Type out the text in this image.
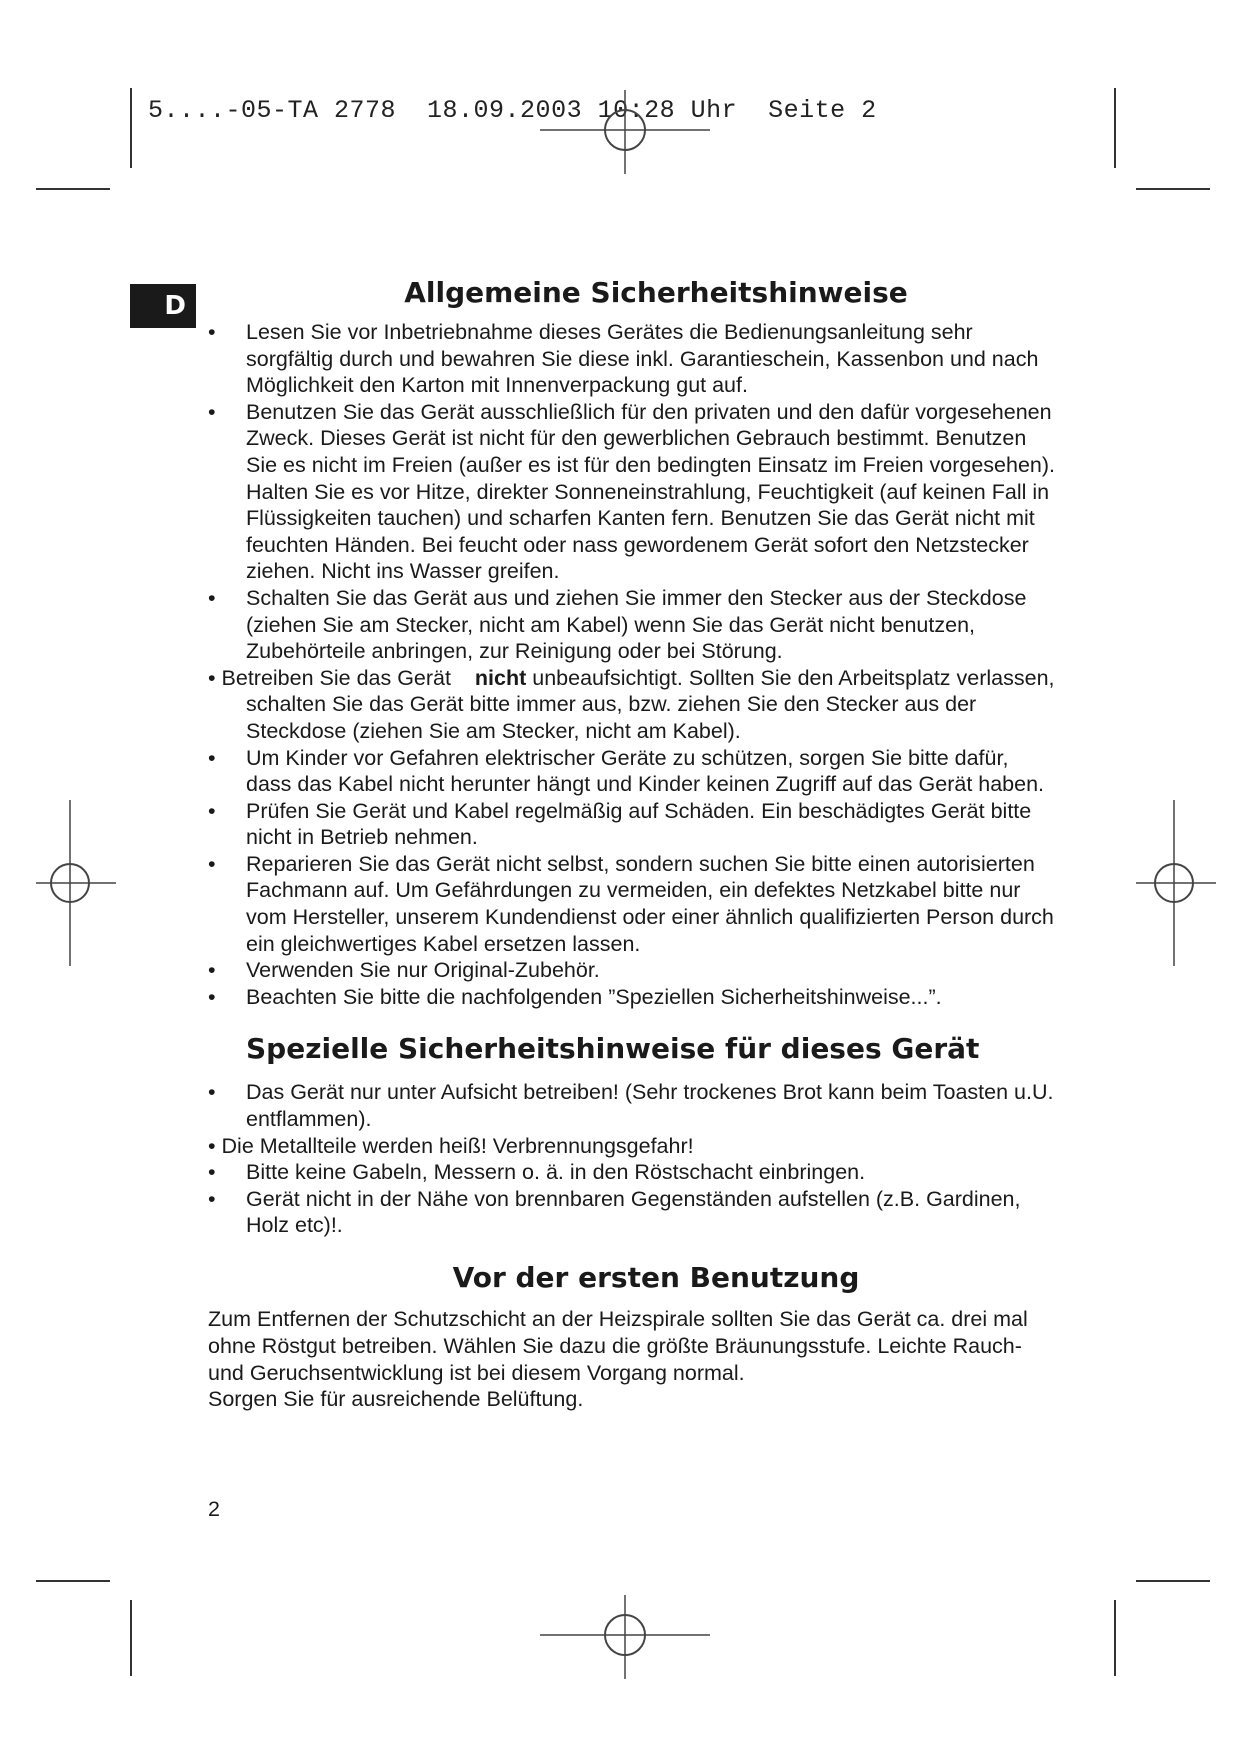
5....-05-TA 2778  18.09.2003 10:28 Uhr  Seite 2
D	Allgemeine Sicherheitshinweise
• Lesen Sie vor Inbetriebnahme dieses Gerätes die Bedienungsanleitung sehr sorgfältig durch und bewahren Sie diese inkl. Garantieschein, Kassenbon und nach Möglichkeit den Karton mit Innenverpackung gut auf.
• Benutzen Sie das Gerät ausschließlich für den privaten und den dafür vorgesehenen Zweck. Dieses Gerät ist nicht für den gewerblichen Gebrauch bestimmt. Benutzen Sie es nicht im Freien (außer es ist für den bedingten Einsatz im Freien vorgesehen). Halten Sie es vor Hitze, direkter Sonneneinstrahlung, Feuchtigkeit (auf keinen Fall in Flüssigkeiten tauchen) und scharfen Kanten fern. Benutzen Sie das Gerät nicht mit feuchten Händen. Bei feucht oder nass gewordenem Gerät sofort den Netzstecker ziehen. Nicht ins Wasser greifen.
• Schalten Sie das Gerät aus und ziehen Sie immer den Stecker aus der Steckdose (ziehen Sie am Stecker, nicht am Kabel) wenn Sie das Gerät nicht benutzen, Zubehörteile anbringen, zur Reinigung oder bei Störung.
• Betreiben Sie das Gerät nicht unbeaufsichtigt. Sollten Sie den Arbeitsplatz verlassen, schalten Sie das Gerät bitte immer aus, bzw. ziehen Sie den Stecker aus der Steckdose (ziehen Sie am Stecker, nicht am Kabel).
• Um Kinder vor Gefahren elektrischer Geräte zu schützen, sorgen Sie bitte dafür, dass das Kabel nicht herunter hängt und Kinder keinen Zugriff auf das Gerät haben.
• Prüfen Sie Gerät und Kabel regelmäßig auf Schäden. Ein beschädigtes Gerät bitte nicht in Betrieb nehmen.
• Reparieren Sie das Gerät nicht selbst, sondern suchen Sie bitte einen autorisierten Fachmann auf. Um Gefährdungen zu vermeiden, ein defektes Netzkabel bitte nur vom Hersteller, unserem Kundendienst oder einer ähnlich qualifizierten Person durch ein gleichwertiges Kabel ersetzen lassen.
• Verwenden Sie nur Original-Zubehör.
• Beachten Sie bitte die nachfolgenden ”Speziellen Sicherheitshinweise...”.
Spezielle Sicherheitshinweise für dieses Gerät
• Das Gerät nur unter Aufsicht betreiben! (Sehr trockenes Brot kann beim Toasten u.U. entflammen).
• Die Metallteile werden heiß! Verbrennungsgefahr!
• Bitte keine Gabeln, Messern o. ä. in den Röstschacht einbringen.
• Gerät nicht in der Nähe von brennbaren Gegenständen aufstellen (z.B. Gardinen, Holz etc)!.
Vor der ersten Benutzung

Zum Entfernen der Schutzschicht an der Heizspirale sollten Sie das Gerät ca. drei mal ohne Röstgut betreiben. Wählen Sie dazu die größte Bräunungsstufe. Leichte Rauch- und Geruchsentwicklung ist bei diesem Vorgang normal.

Sorgen Sie für ausreichende Belüftung.

2
